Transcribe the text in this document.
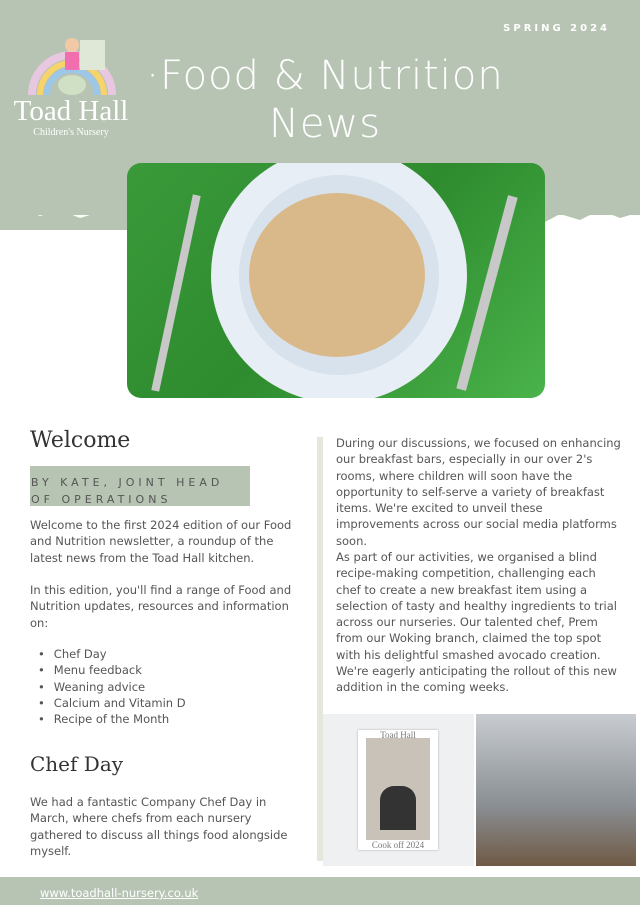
SPRING 2024
Toad Hall
Children's Nursery
·Food & Nutrition
News
Welcome
BY KATE, JOINT HEAD OF OPERATIONS
Welcome to the first 2024 edition of our Food and Nutrition newsletter, a roundup of the latest news from the Toad Hall kitchen.
In this edition, you'll find a range of Food and Nutrition updates, resources and information on:
• Chef Day
• Menu feedback
• Weaning advice
• Calcium and Vitamin D
• Recipe of the Month
Chef Day
We had a fantastic Company Chef Day in March, where chefs from each nursery gathered to discuss all things food alongside myself.
During our discussions, we focused on enhancing our breakfast bars, especially in our over 2's rooms, where children will soon have the opportunity to self-serve a variety of breakfast items. We're excited to unveil these improvements across our social media platforms soon.
As part of our activities, we organised a blind recipe-making competition, challenging each chef to create a new breakfast item using a selection of tasty and healthy ingredients to trial across our nurseries. Our talented chef, Prem from our Woking branch, claimed the top spot with his delightful smashed avocado creation. We're eagerly anticipating the rollout of this new addition in the coming weeks.
Toad Hall
Cook off 2024
www.toadhall-nursery.co.uk
